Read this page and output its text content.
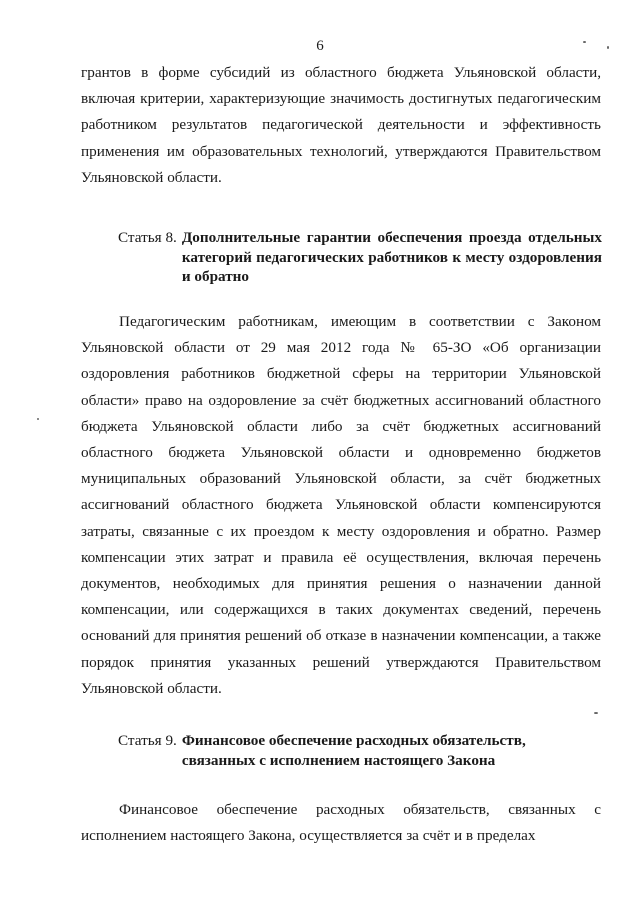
6

грантов в форме субсидий из областного бюджета Ульяновской области, включая критерии, характеризующие значимость достигнутых педагогическим работником результатов педагогической деятельности и эффективность применения им образовательных технологий, утверждаются Правительством Ульяновской области.

Статья 8. Дополнительные гарантии обеспечения проезда отдельных категорий педагогических работников к месту оздоровления и обратно

Педагогическим работникам, имеющим в соответствии с Законом Ульяновской области от 29 мая 2012 года № 65-ЗО «Об организации оздоровления работников бюджетной сферы на территории Ульяновской области» право на оздоровление за счёт бюджетных ассигнований областного бюджета Ульяновской области либо за счёт бюджетных ассигнований областного бюджета Ульяновской области и одновременно бюджетов муниципальных образований Ульяновской области, за счёт бюджетных ассигнований областного бюджета Ульяновской области компенсируются затраты, связанные с их проездом к месту оздоровления и обратно. Размер компенсации этих затрат и правила её осуществления, включая перечень документов, необходимых для принятия решения о назначении данной компенсации, или содержащихся в таких документах сведений, перечень оснований для принятия решений об отказе в назначении компенсации, а также порядок принятия указанных решений утверждаются Правительством Ульяновской области.

Статья 9. Финансовое обеспечение расходных обязательств, связанных с исполнением настоящего Закона

Финансовое обеспечение расходных обязательств, связанных с исполнением настоящего Закона, осуществляется за счёт и в пределах
